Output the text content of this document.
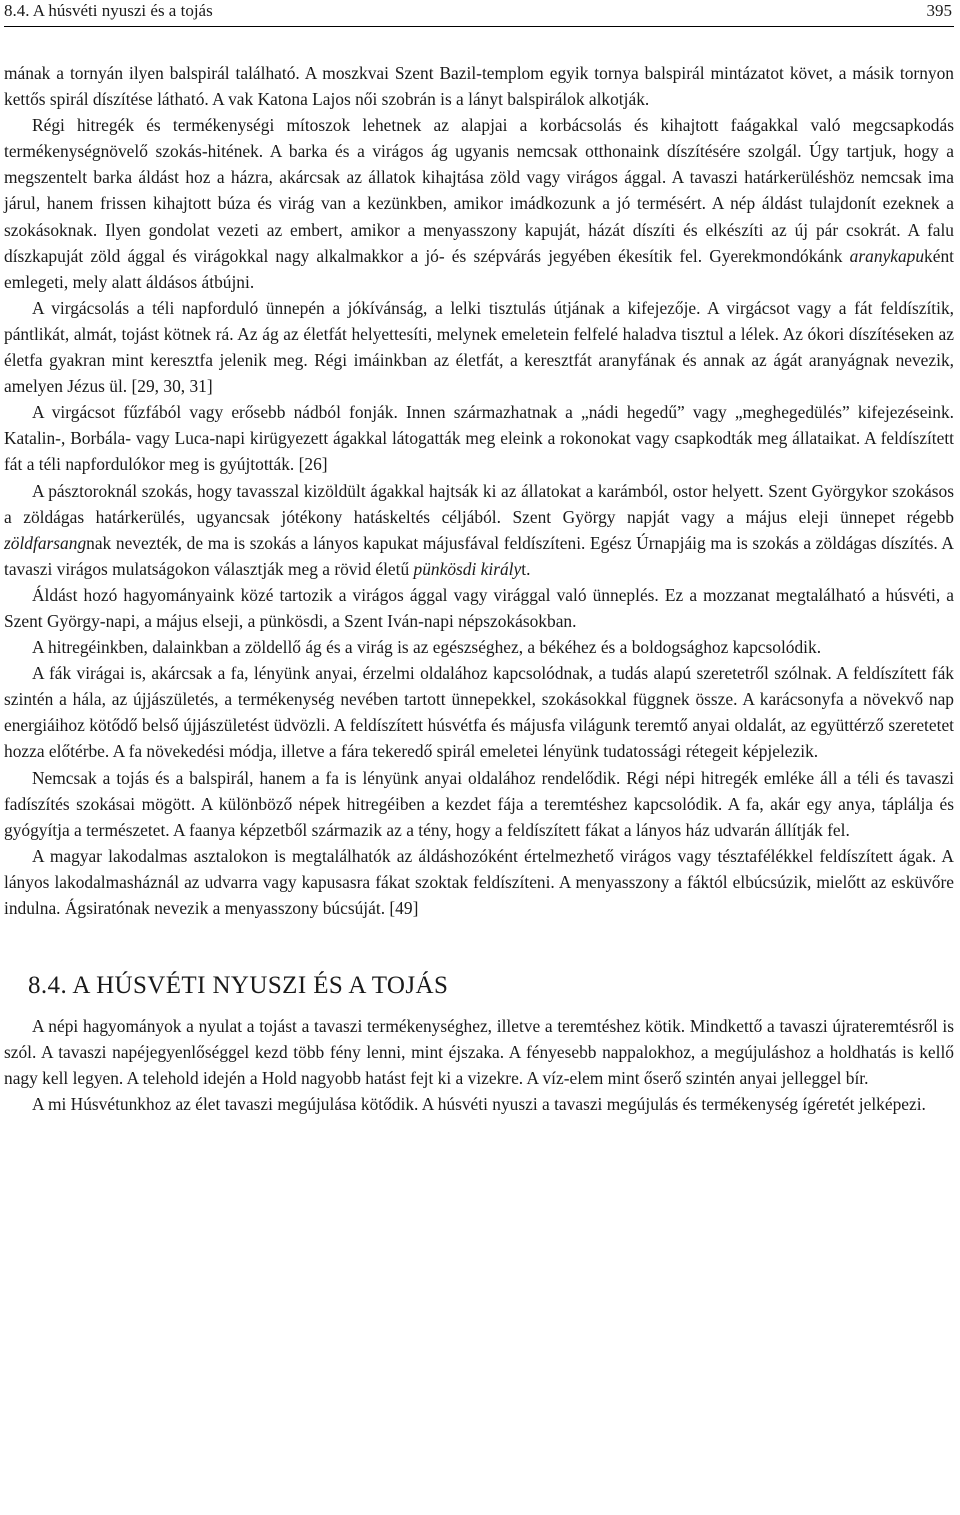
8.4. A húsvéti nyuszi és a tojás	395

mának a tornyán ilyen balspirál található. A moszkvai Szent Bazil-templom egyik tornya balspirál mintázatot követ, a másik tornyon kettős spirál díszítése látható. A vak Katona Lajos női szobrán is a lányt balspirálok alkotják.

Régi hitregék és termékenységi mítoszok lehetnek az alapjai a korbácsolás és kihajtott faágakkal való megcsapkodás termékenységnövelő szokás-hitének. A barka és a virágos ág ugyanis nemcsak otthonaink díszítésére szolgál. Úgy tartjuk, hogy a megszentelt barka áldást hoz a házra, akárcsak az állatok kihajtása zöld vagy virágos ággal. A tavaszi határkerüléshöz nemcsak ima járul, hanem frissen kihajtott búza és virág van a kezünkben, amikor imádkozunk a jó termésért. A nép áldást tulajdonít ezeknek a szokásoknak. Ilyen gondolat vezeti az embert, amikor a menyasszony kapuját, házát díszíti és elkészíti az új pár csokrát. A falu díszkapuját zöld ággal és virágokkal nagy alkalmakkor a jó- és szépvárás jegyében ékesítik fel. Gyerekmondókánk aranykapuként emlegeti, mely alatt áldásos átbújni.

A virgácsolás a téli napforduló ünnepén a jókívánság, a lelki tisztulás útjának a kifejezője. A virgácsot vagy a fát feldíszítik, pántlikát, almát, tojást kötnek rá. Az ág az életfát helyettesíti, melynek emeletein felfelé haladva tisztul a lélek. Az ókori díszítéseken az életfa gyakran mint keresztfa jelenik meg. Régi imáinkban az életfát, a keresztfát aranyfának és annak az ágát aranyágnak nevezik, amelyen Jézus ül. [29, 30, 31]

A virgácsot fűzfából vagy erősebb nádból fonják. Innen származhatnak a „nádi hegedű” vagy „meghegedülés” kifejezéseink. Katalin-, Borbála- vagy Luca-napi kirügyezett ágakkal látogatták meg eleink a rokonokat vagy csapkodták meg állataikat. A feldíszített fát a téli napfordulókor meg is gyújtották. [26]

A pásztoroknál szokás, hogy tavasszal kizöldült ágakkal hajtsák ki az állatokat a karámból, ostor helyett. Szent Györgykor szokásos a zöldágas határkerülés, ugyancsak jótékony hatáskeltés céljából. Szent György napját vagy a május eleji ünnepet régebb zöldfarsangnak nevezték, de ma is szokás a lányos kapukat májusfával feldíszíteni. Egész Úrnapjáig ma is szokás a zöldágas díszítés. A tavaszi virágos mulatságokon választják meg a rövid életű pünkösdi királyt.

Áldást hozó hagyományaink közé tartozik a virágos ággal vagy virággal való ünneplés. Ez a mozzanat megtalálható a húsvéti, a Szent György-napi, a május elseji, a pünkösdi, a Szent Iván-napi népszokásokban.

A hitregéinkben, dalainkban a zöldellő ág és a virág is az egészséghez, a békéhez és a boldogsághoz kapcsolódik.

A fák virágai is, akárcsak a fa, lényünk anyai, érzelmi oldalához kapcsolódnak, a tudás alapú szeretetről szólnak. A feldíszített fák szintén a hála, az újjászületés, a termékenység nevében tartott ünnepekkel, szokásokkal függnek össze. A karácsonyfa a növekvő nap energiáihoz kötődő belső újjászületést üdvözli. A feldíszített húsvétfa és májusfa világunk teremtő anyai oldalát, az együttérző szeretetet hozza előtérbe. A fa növekedési módja, illetve a fára tekeredő spirál emeletei lényünk tudatossági rétegeit képjelezik.

Nemcsak a tojás és a balspirál, hanem a fa is lényünk anyai oldalához rendelődik. Régi népi hitregék emléke áll a téli és tavaszi fadíszítés szokásai mögött. A különböző népek hitregéiben a kezdet fája a teremtéshez kapcsolódik. A fa, akár egy anya, táplálja és gyógyítja a természetet. A faanya képzetből származik az a tény, hogy a feldíszített fákat a lányos ház udvarán állítják fel.

A magyar lakodalmas asztalokon is megtalálhatók az áldáshozóként értelmezhető virágos vagy tésztafélékkel feldíszített ágak. A lányos lakodalmasháznál az udvarra vagy kapusasra fákat szoktak feldíszíteni. A menyasszony a fáktól elbúcsúzik, mielőtt az esküvőre indulna. Ágsiratónak nevezik a menyasszony búcsúját. [49]

8.4. A HÚSVÉTI NYUSZI ÉS A TOJÁS

A népi hagyományok a nyulat a tojást a tavaszi termékenységhez, illetve a teremtéshez kötik. Mindkettő a tavaszi újrateremtésről is szól. A tavaszi napéjegyenlőséggel kezd több fény lenni, mint éjszaka. A fényesebb nappalokhoz, a megújuláshoz a holdhatás is kellő nagy kell legyen. A telehold idején a Hold nagyobb hatást fejt ki a vizekre. A víz-elem mint őserő szintén anyai jelleggel bír.

A mi Húsvétunkhoz az élet tavaszi megújulása kötődik. A húsvéti nyuszi a tavaszi megújulás és termékenység ígéretét jelképezi.
